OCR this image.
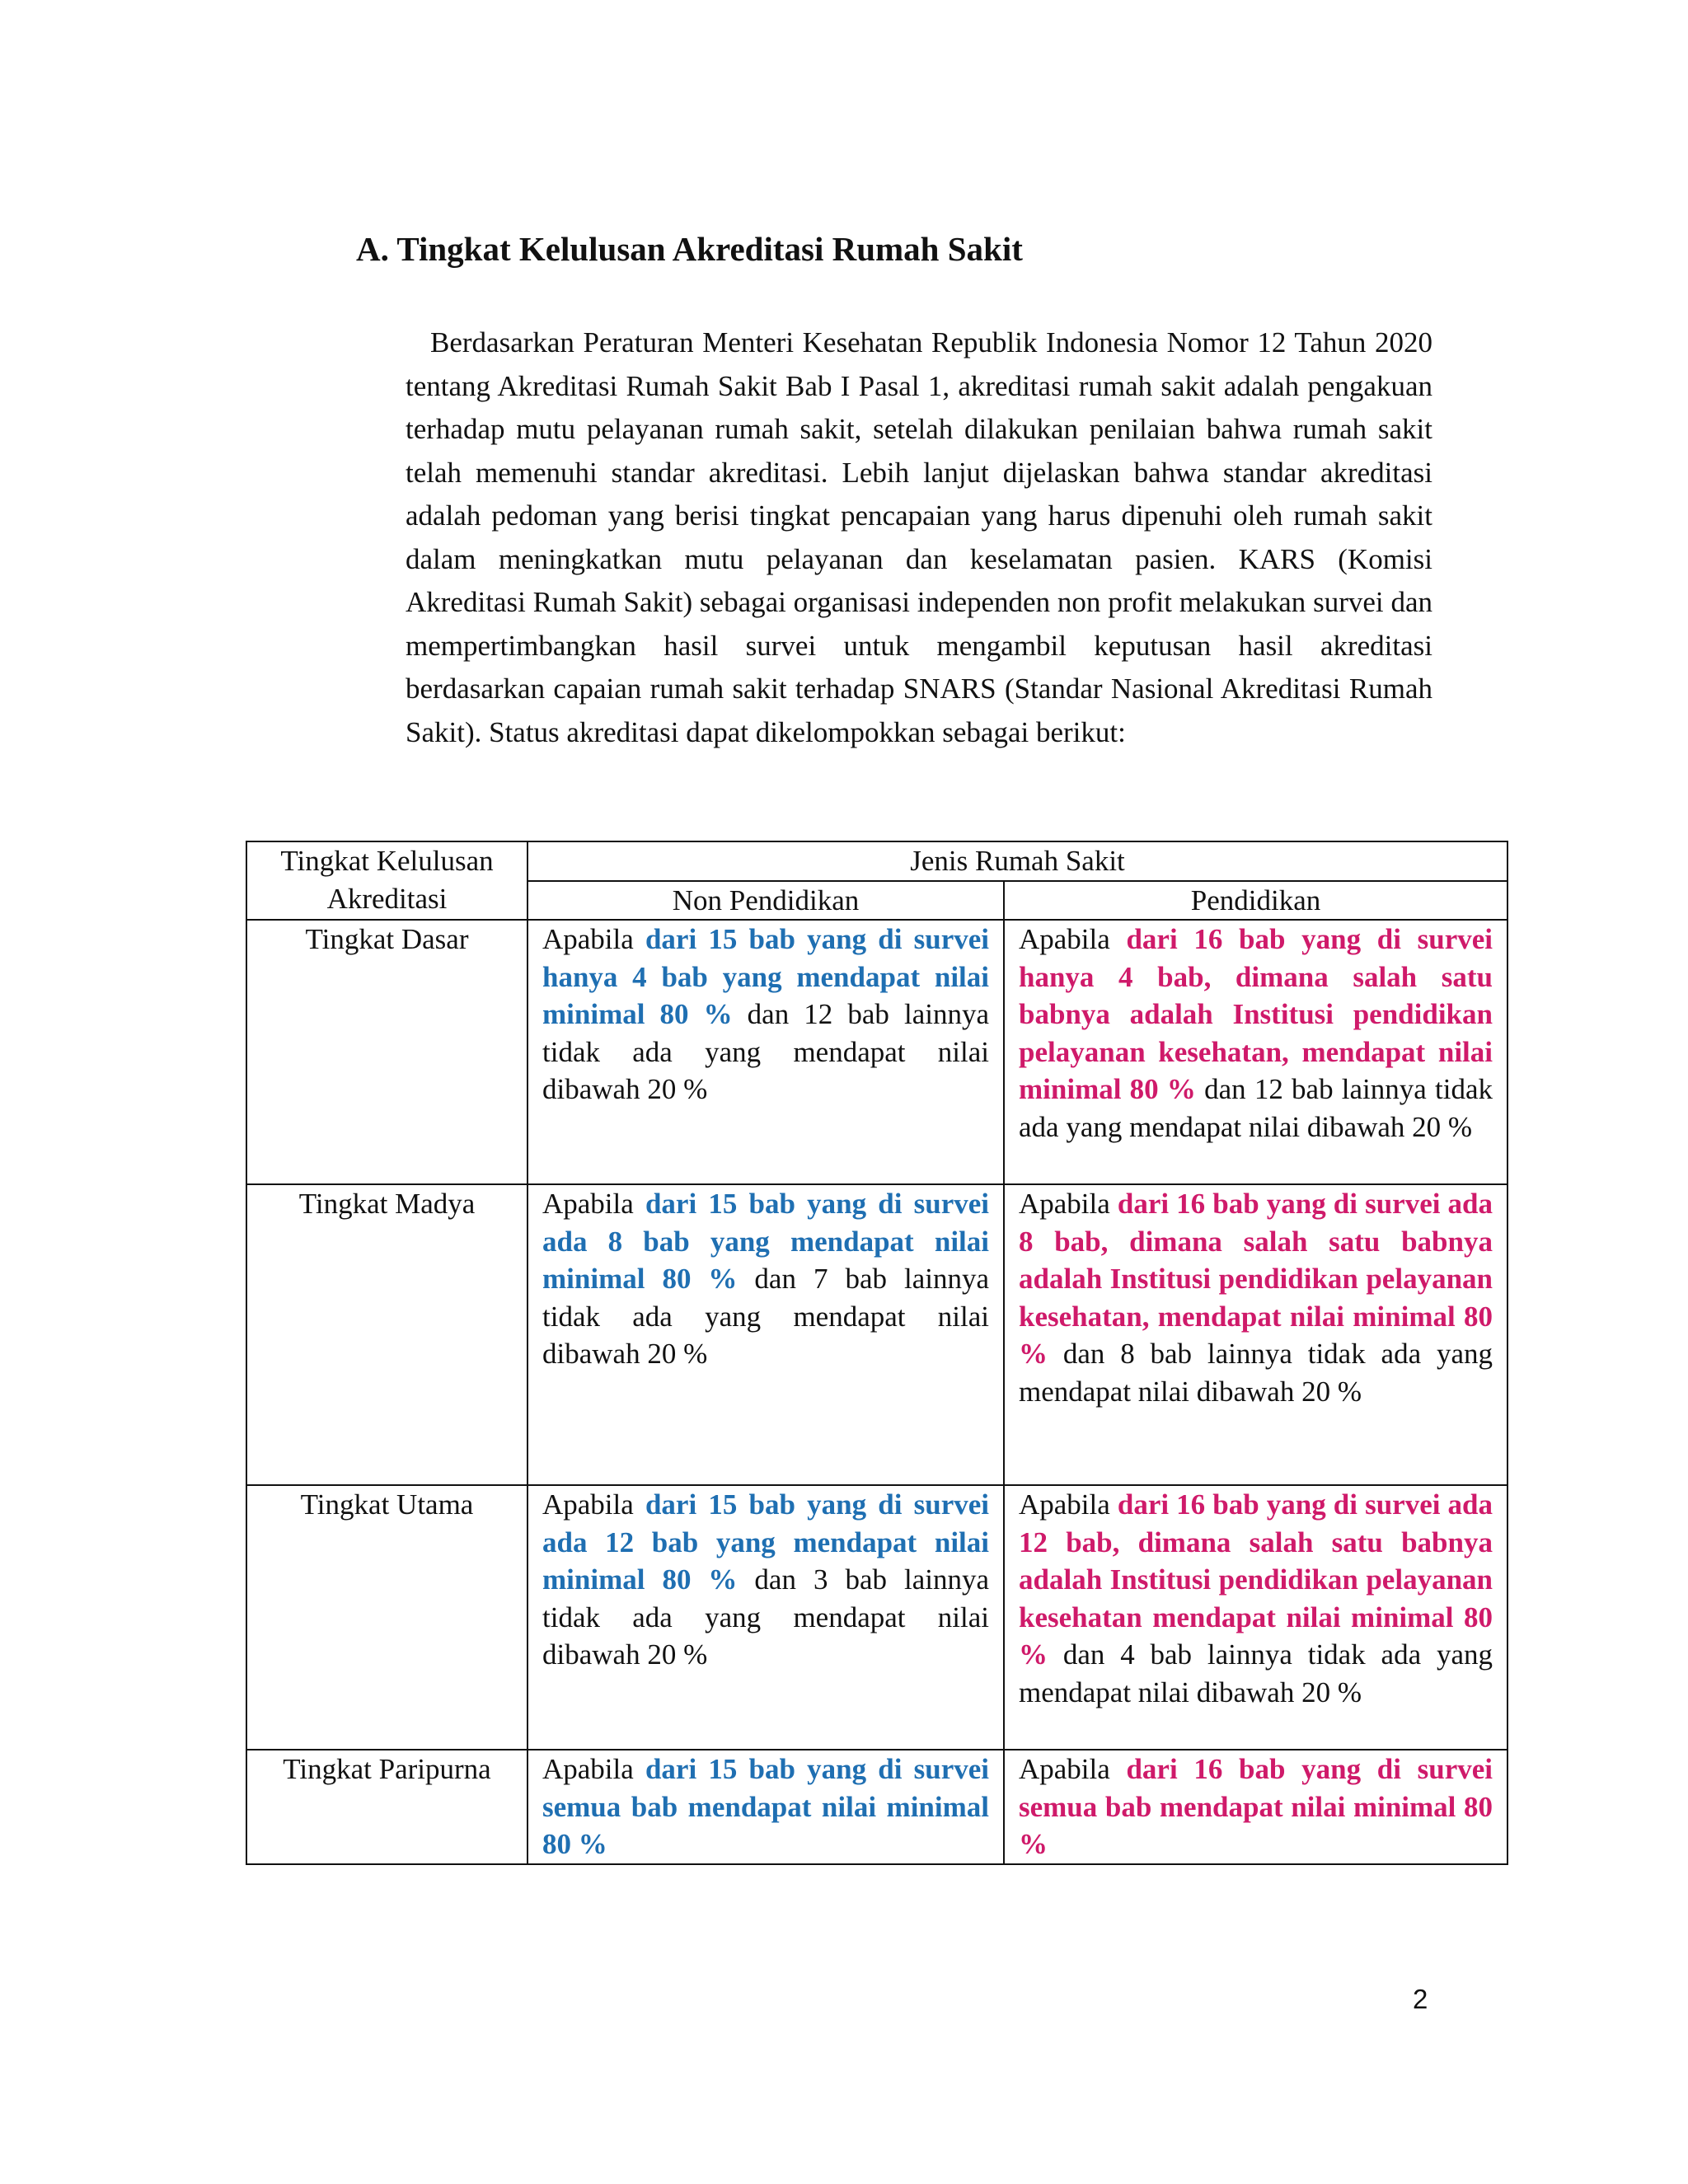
A. Tingkat Kelulusan Akreditasi Rumah Sakit

Berdasarkan Peraturan Menteri Kesehatan Republik Indonesia Nomor 12 Tahun 2020 tentang Akreditasi Rumah Sakit Bab I Pasal 1, akreditasi rumah sakit adalah pengakuan terhadap mutu pelayanan rumah sakit, setelah dilakukan penilaian bahwa rumah sakit telah memenuhi standar akreditasi. Lebih lanjut dijelaskan bahwa standar akreditasi adalah pedoman yang berisi tingkat pencapaian yang harus dipenuhi oleh rumah sakit dalam meningkatkan mutu pelayanan dan keselamatan pasien. KARS (Komisi Akreditasi Rumah Sakit) sebagai organisasi independen non profit melakukan survei dan mempertimbangkan hasil survei untuk mengambil keputusan hasil akreditasi berdasarkan capaian rumah sakit terhadap SNARS (Standar Nasional Akreditasi Rumah Sakit). Status akreditasi dapat dikelompokkan sebagai berikut:

Tingkat Kelulusan Akreditasi	Jenis Rumah Sakit	
	Non Pendidikan	Pendidikan
Tingkat Dasar	Apabila dari 15 bab yang di survei hanya 4 bab yang mendapat nilai minimal 80 % dan 12 bab lainnya tidak ada yang mendapat nilai dibawah 20 %	Apabila dari 16 bab yang di survei hanya 4 bab, dimana salah satu babnya adalah Institusi pendidikan pelayanan kesehatan, mendapat nilai minimal 80 % dan 12 bab lainnya tidak ada yang mendapat nilai dibawah 20 %
Tingkat Madya	Apabila dari 15 bab yang di survei ada 8 bab yang mendapat nilai minimal 80 % dan 7 bab lainnya tidak ada yang mendapat nilai dibawah 20 %	Apabila dari 16 bab yang di survei ada 8 bab, dimana salah satu babnya adalah Institusi pendidikan pelayanan kesehatan, mendapat nilai minimal 80 % dan 8 bab lainnya tidak ada yang mendapat nilai dibawah 20 %
Tingkat Utama	Apabila dari 15 bab yang di survei ada 12 bab yang mendapat nilai minimal 80 % dan 3 bab lainnya tidak ada yang mendapat nilai dibawah 20 %	Apabila dari 16 bab yang di survei ada 12 bab, dimana salah satu babnya adalah Institusi pendidikan pelayanan kesehatan mendapat nilai minimal 80 % dan 4 bab lainnya tidak ada yang mendapat nilai dibawah 20 %
Tingkat Paripurna	Apabila dari 15 bab yang di survei semua bab mendapat nilai minimal 80 %	Apabila dari 16 bab yang di survei semua bab mendapat nilai minimal 80 %
2
